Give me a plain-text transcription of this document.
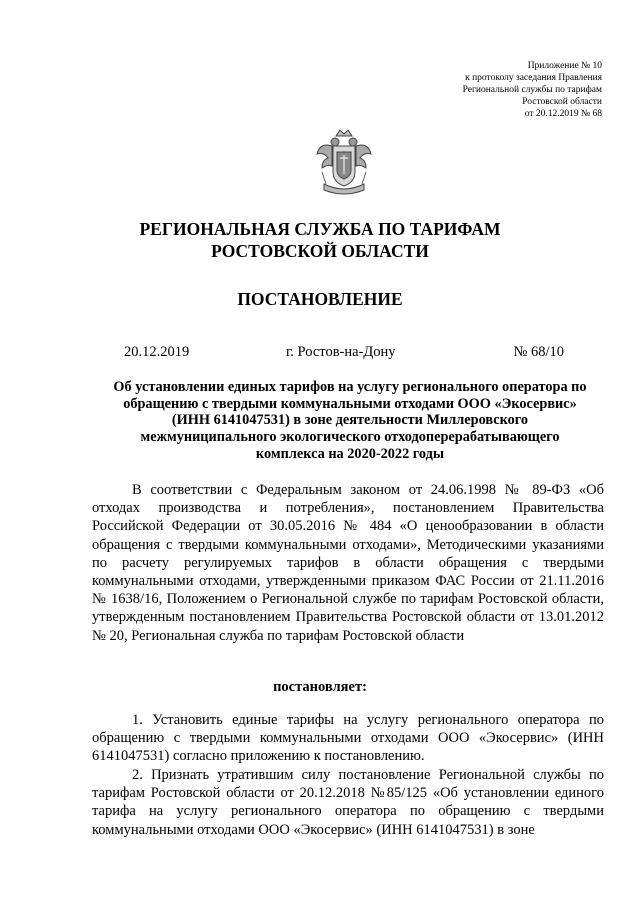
Приложение № 10
к протоколу заседания Правления
Региональной службы по тарифам
Ростовской области
от 20.12.2019 № 68
РЕГИОНАЛЬНАЯ СЛУЖБА ПО ТАРИФАМ
РОСТОВСКОЙ ОБЛАСТИ
ПОСТАНОВЛЕНИЕ
20.12.2019	г. Ростов-на-Дону	№ 68/10
Об установлении единых тарифов на услугу регионального оператора по обращению с твердыми коммунальными отходами ООО «Экосервис» (ИНН 6141047531) в зоне деятельности Миллеровского межмуниципального экологического отходоперерабатывающего комплекса на 2020-2022 годы
В соответствии с Федеральным законом от 24.06.1998 № 89-ФЗ «Об отходах производства и потребления», постановлением Правительства Российской Федерации от 30.05.2016 № 484 «О ценообразовании в области обращения с твердыми коммунальными отходами», Методическими указаниями по расчету регулируемых тарифов в области обращения с твердыми коммунальными отходами, утвержденными приказом ФАС России от 21.11.2016 № 1638/16, Положением о Региональной службе по тарифам Ростовской области, утвержденным постановлением Правительства Ростовской области от 13.01.2012 № 20, Региональная служба по тарифам Ростовской области
постановляет:
1. Установить единые тарифы на услугу регионального оператора по обращению с твердыми коммунальными отходами ООО «Экосервис» (ИНН 6141047531) согласно приложению к постановлению.
2. Признать утратившим силу постановление Региональной службы по тарифам Ростовской области от 20.12.2018 №85/125 «Об установлении единого тарифа на услугу регионального оператора по обращению с твердыми коммунальными отходами ООО «Экосервис» (ИНН 6141047531) в зоне
